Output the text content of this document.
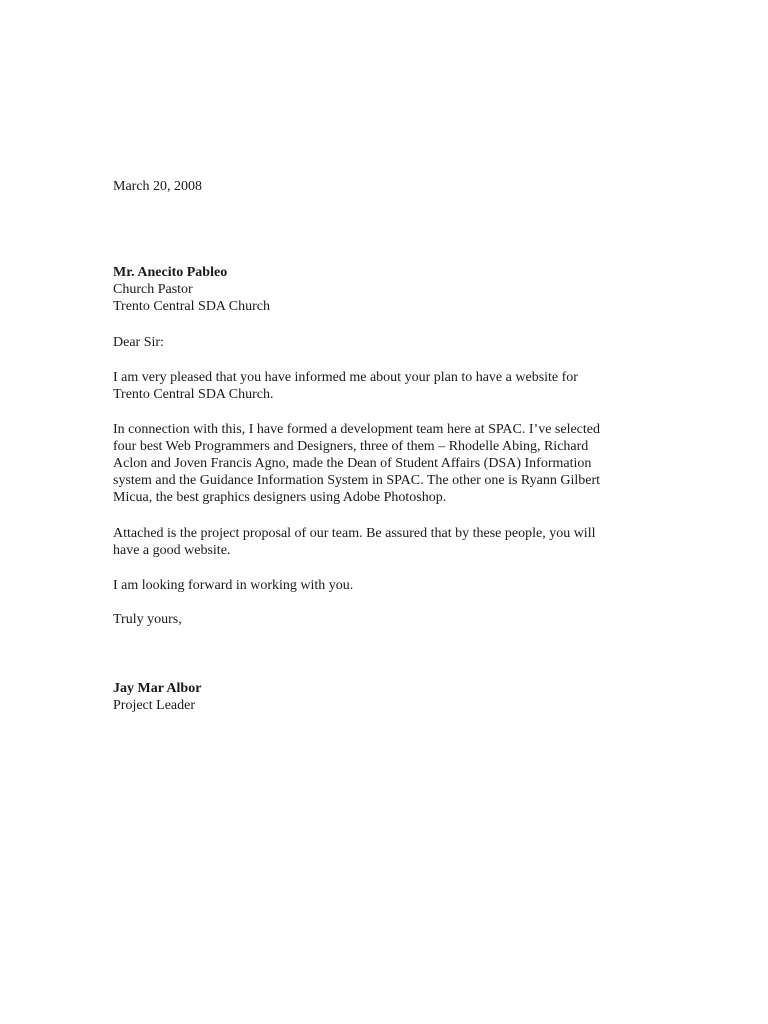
March 20, 2008
Mr. Anecito Pableo
Church Pastor
Trento Central SDA Church
Dear Sir:
I am very pleased that you have informed me about your plan to have a website for
Trento Central SDA Church.
In connection with this, I have formed a development team here at SPAC. I’ve selected
four best Web Programmers and Designers, three of them – Rhodelle Abing, Richard
Aclon and Joven Francis Agno, made the Dean of Student Affairs (DSA) Information
system and the Guidance Information System in SPAC. The other one is Ryann Gilbert
Micua, the best graphics designers using Adobe Photoshop.
Attached is the project proposal of our team. Be assured that by these people, you will
have a good website.
I am looking forward in working with you.
Truly yours,
Jay Mar Albor
Project Leader
